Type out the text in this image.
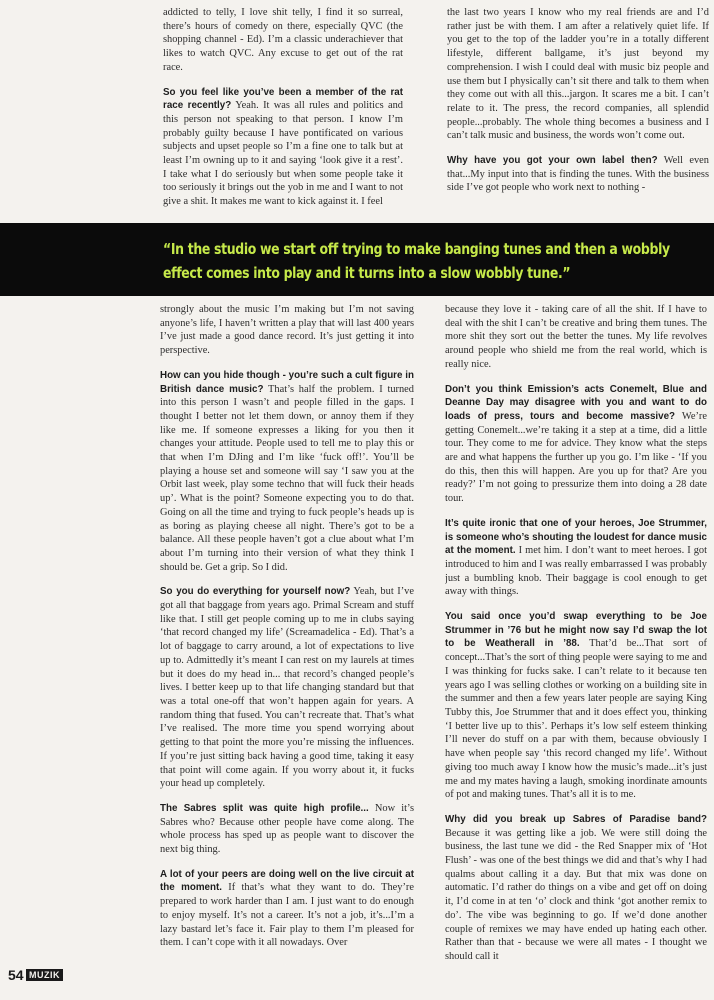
addicted to telly, I love shit telly, I find it so surreal, there’s hours of comedy on there, especially QVC (the shopping channel - Ed). I’m a classic underachiever that likes to watch QVC. Any excuse to get out of the rat race.

So you feel like you’ve been a member of the rat race recently? Yeah. It was all rules and politics and this person not speaking to that person. I know I’m probably guilty because I have pontificated on various subjects and upset people so I’m a fine one to talk but at least I’m owning up to it and saying ‘look give it a rest’. I take what I do seriously but when some people take it too seriously it brings out the yob in me and I want to not give a shit. It makes me want to kick against it. I feel

the last two years I know who my real friends are and I’d rather just be with them. I am after a relatively quiet life. If you get to the top of the ladder you’re in a totally different lifestyle, different ballgame, it’s just beyond my comprehension. I wish I could deal with music biz people and use them but I physically can’t sit there and talk to them when they come out with all this...jargon. It scares me a bit. I can’t relate to it. The press, the record companies, all splendid people...probably. The whole thing becomes a business and I can’t talk music and business, the words won’t come out.

Why have you got your own label then? Well even that...My input into that is finding the tunes. With the business side I’ve got people who work next to nothing -

“In the studio we start off trying to make banging tunes and then a wobbly effect comes into play and it turns into a slow wobbly tune.”

strongly about the music I’m making but I’m not saving anyone’s life, I haven’t written a play that will last 400 years I’ve just made a good dance record. It’s just getting it into perspective.

How can you hide though - you’re such a cult figure in British dance music? That’s half the problem. I turned into this person I wasn’t and people filled in the gaps. I thought I better not let them down, or annoy them if they like me. If someone expresses a liking for you then it changes your attitude. People used to tell me to play this or that when I’m DJing and I’m like ‘fuck off!’. You’ll be playing a house set and someone will say ‘I saw you at the Orbit last week, play some techno that will fuck their heads up’. What is the point? Someone expecting you to do that. Going on all the time and trying to fuck people’s heads up is as boring as playing cheese all night. There’s got to be a balance. All these people haven’t got a clue about what I’m about I’m turning into their version of what they think I should be. Get a grip. So I did.

So you do everything for yourself now? Yeah, but I’ve got all that baggage from years ago. Primal Scream and stuff like that. I still get people coming up to me in clubs saying ‘that record changed my life’ (Screamadelica - Ed). That’s a lot of baggage to carry around, a lot of expectations to live up to. Admittedly it’s meant I can rest on my laurels at times but it does do my head in... that record’s changed people’s lives. I better keep up to that life changing standard but that was a total one-off that won’t happen again for years. A random thing that fused. You can’t recreate that. That’s what I’ve realised. The more time you spend worrying about getting to that point the more you’re missing the influences. If you’re just sitting back having a good time, taking it easy that point will come again. If you worry about it, it fucks your head up completely.

The Sabres split was quite high profile... Now it’s Sabres who? Because other people have come along. The whole process has sped up as people want to discover the next big thing.

A lot of your peers are doing well on the live circuit at the moment. If that’s what they want to do. They’re prepared to work harder than I am. I just want to do enough to enjoy myself. It’s not a career. It’s not a job, it’s...I’m a lazy bastard let’s face it. Fair play to them I’m pleased for them. I can’t cope with it all nowadays. Over

because they love it - taking care of all the shit. If I have to deal with the shit I can’t be creative and bring them tunes. The more shit they sort out the better the tunes. My life revolves around people who shield me from the real world, which is really nice.

Don’t you think Emission’s acts Conemelt, Blue and Deanne Day may disagree with you and want to do loads of press, tours and become massive? We’re getting Conemelt...we’re taking it a step at a time, did a little tour. They come to me for advice. They know what the steps are and what happens the further up you go. I’m like - ‘If you do this, then this will happen. Are you up for that? Are you ready?’ I’m not going to pressurize them into doing a 28 date tour.

It’s quite ironic that one of your heroes, Joe Strummer, is someone who’s shouting the loudest for dance music at the moment. I met him. I don’t want to meet heroes. I got introduced to him and I was really embarrassed I was probably just a bumbling knob. Their baggage is cool enough to get away with things.

You said once you’d swap everything to be Joe Strummer in ’76 but he might now say I’d swap the lot to be Weatherall in ’88. That’d be...That sort of concept...That’s the sort of thing people were saying to me and I was thinking for fucks sake. I can’t relate to it because ten years ago I was selling clothes or working on a building site in the summer and then a few years later people are saying King Tubby this, Joe Strummer that and it does effect you, thinking ‘I better live up to this’. Perhaps it’s low self esteem thinking I’ll never do stuff on a par with them, because obviously I have when people say ‘this record changed my life’. Without giving too much away I know how the music’s made...it’s just me and my mates having a laugh, smoking inordinate amounts of pot and making tunes. That’s all it is to me.

Why did you break up Sabres of Paradise band? Because it was getting like a job. We were still doing the business, the last tune we did - the Red Snapper mix of ‘Hot Flush’ - was one of the best things we did and that’s why I had qualms about calling it a day. But that mix was done on automatic. I’d rather do things on a vibe and get off on doing it, I’d come in at ten ‘o’ clock and think ‘got another remix to do’. The vibe was beginning to go. If we’d done another couple of remixes we may have ended up hating each other. Rather than that - because we were all mates - I thought we should call it

54 MUZIK
